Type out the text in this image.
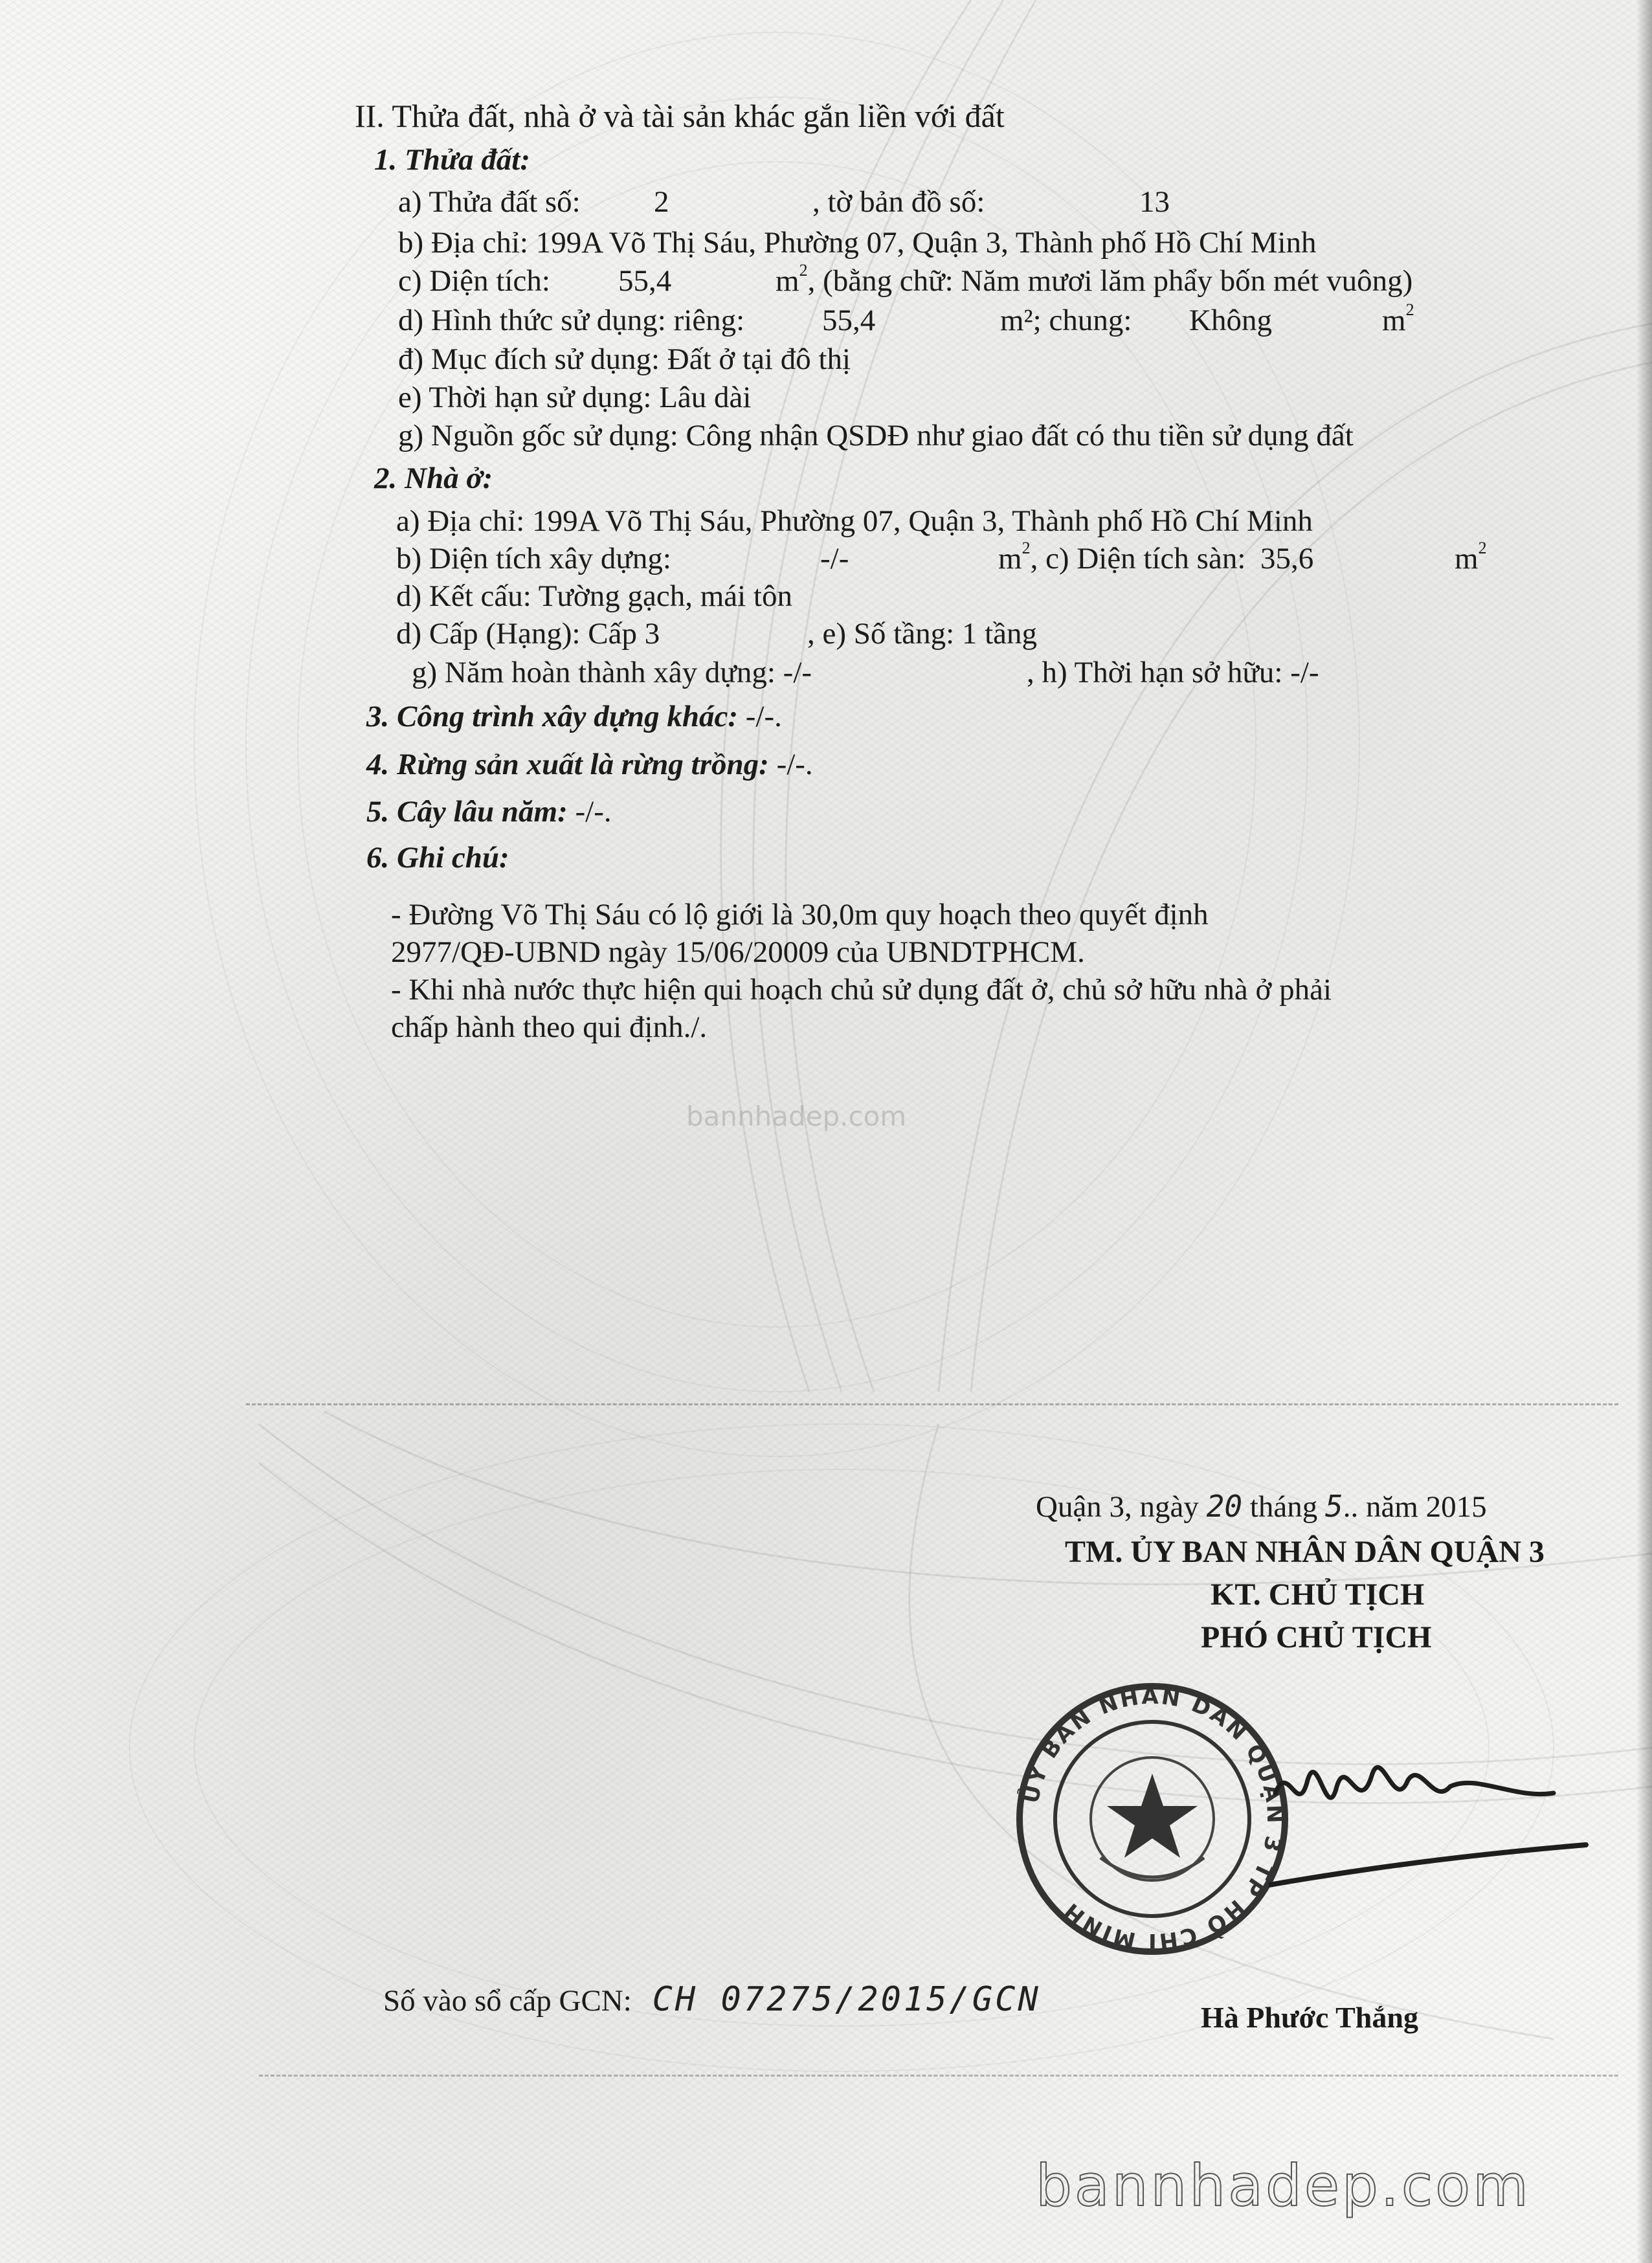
II. Thửa đất, nhà ở và tài sản khác gắn liền với đất
1. Thửa đất:
a) Thửa đất số: 2	, tờ bản đồ số:	13
b) Địa chỉ: 199A Võ Thị Sáu, Phường 07, Quận 3, Thành phố Hồ Chí Minh
c) Diện tích: 55,4	$m^2$, (bằng chữ: Năm mươi lăm phẩy bốn mét vuông)
d) Hình thức sử dụng: riêng:	55,4	m²; chung: Không	$m^2$
đ) Mục đích sử dụng: Đất ở tại đô thị
e) Thời hạn sử dụng: Lâu dài
g) Nguồn gốc sử dụng: Công nhận QSDĐ như giao đất có thu tiền sử dụng đất
2. Nhà ở:
a) Địa chỉ: 199A Võ Thị Sáu, Phường 07, Quận 3, Thành phố Hồ Chí Minh
b) Diện tích xây dựng:	-/-	$m^2$, c) Diện tích sàn: 35,6	$m^2$
d) Kết cấu: Tường gạch, mái tôn
d) Cấp (Hạng): Cấp 3	, e) Số tầng: 1 tầng
g) Năm hoàn thành xây dựng: -/-	, h) Thời hạn sở hữu: -/-
3. Công trình xây dựng khác: -/-.
4. Rừng sản xuất là rừng trồng: -/-.
5. Cây lâu năm: -/-.
6. Ghi chú:
- Đường Võ Thị Sáu có lộ giới là 30,0m quy hoạch theo quyết định
2977/QĐ-UBND ngày 15/06/20009 của UBNDTPHCM.
- Khi nhà nước thực hiện qui hoạch chủ sử dụng đất ở, chủ sở hữu nhà ở phải
chấp hành theo qui định./.
bannhadep.com
Quận 3, ngày 20 tháng 5.. năm 2015
TM. ỦY BAN NHÂN DÂN QUẬN 3
KT. CHỦ TỊCH
PHÓ CHỦ TỊCH
ỦY BAN NHÂN DÂN QUẬN 3 TP HỒ CHÍ MINH
Hà Phước Thắng
Số vào sổ cấp GCN: CH 07275/2015/GCN
bannhadep.com
